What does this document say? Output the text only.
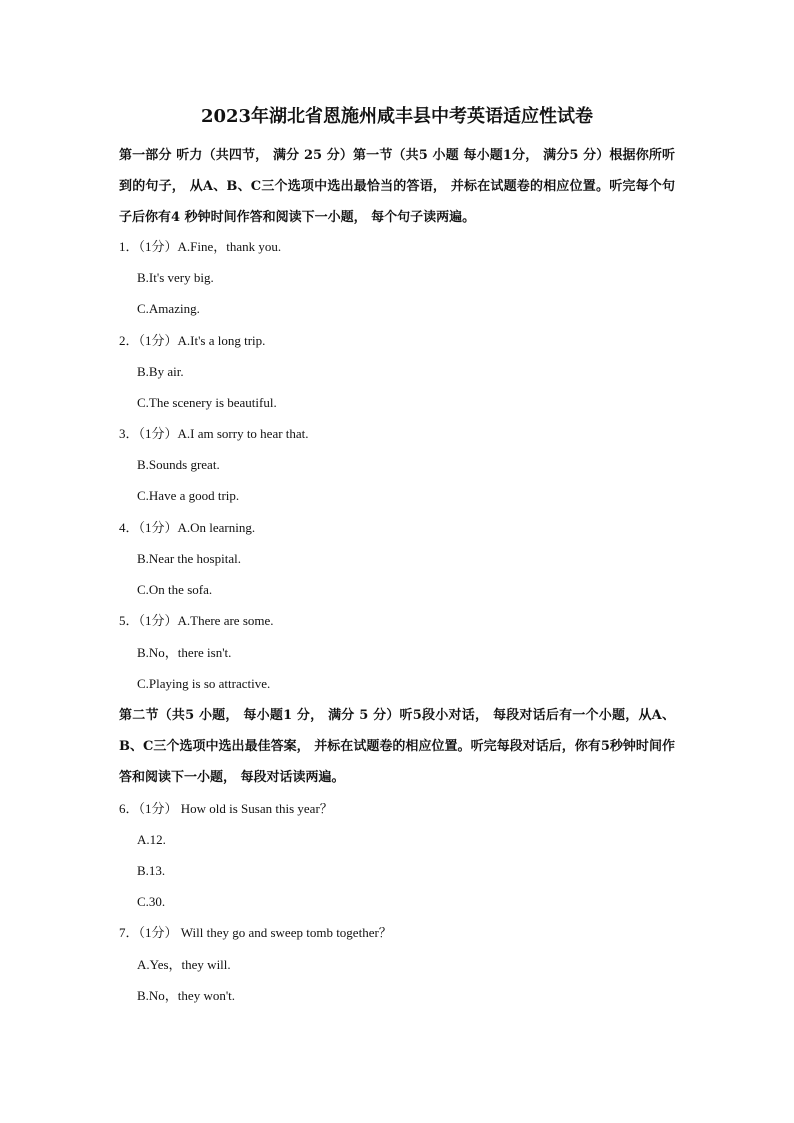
2023年湖北省恩施州咸丰县中考英语适应性试卷

第一部分 听力（共四节， 满分 25 分）第一节（共5 小题 每小题1分， 满分5 分）根据你所听到的句子， 从A、B、C三个选项中选出最恰当的答语， 并标在试题卷的相应位置。听完每个句子后你有4 秒钟时间作答和阅读下一小题， 每个句子读两遍。

1．（1分）A.Fine，thank you.
B.It's very big.
C.Amazing.
2．（1分）A.It's a long trip.
B.By air.
C.The scenery is beautiful.
3．（1分）A.I am sorry to hear that.
B.Sounds great.
C.Have a good trip.
4．（1分）A.On learning.
B.Near the hospital.
C.On the sofa.
5．（1分）A.There are some.
B.No，there isn't.
C.Playing is so attractive.

第二节（共5 小题， 每小题1 分， 满分 5 分）听5段小对话， 每段对话后有一个小题，从A、B、C三个选项中选出最佳答案， 并标在试题卷的相应位置。听完每段对话后，你有5秒钟时间作答和阅读下一小题， 每段对话读两遍。

6．（1分） How old is Susan this year？
A.12.
B.13.
C.30.
7．（1分） Will they go and sweep tomb together？
A.Yes，they will.
B.No，they won't.
